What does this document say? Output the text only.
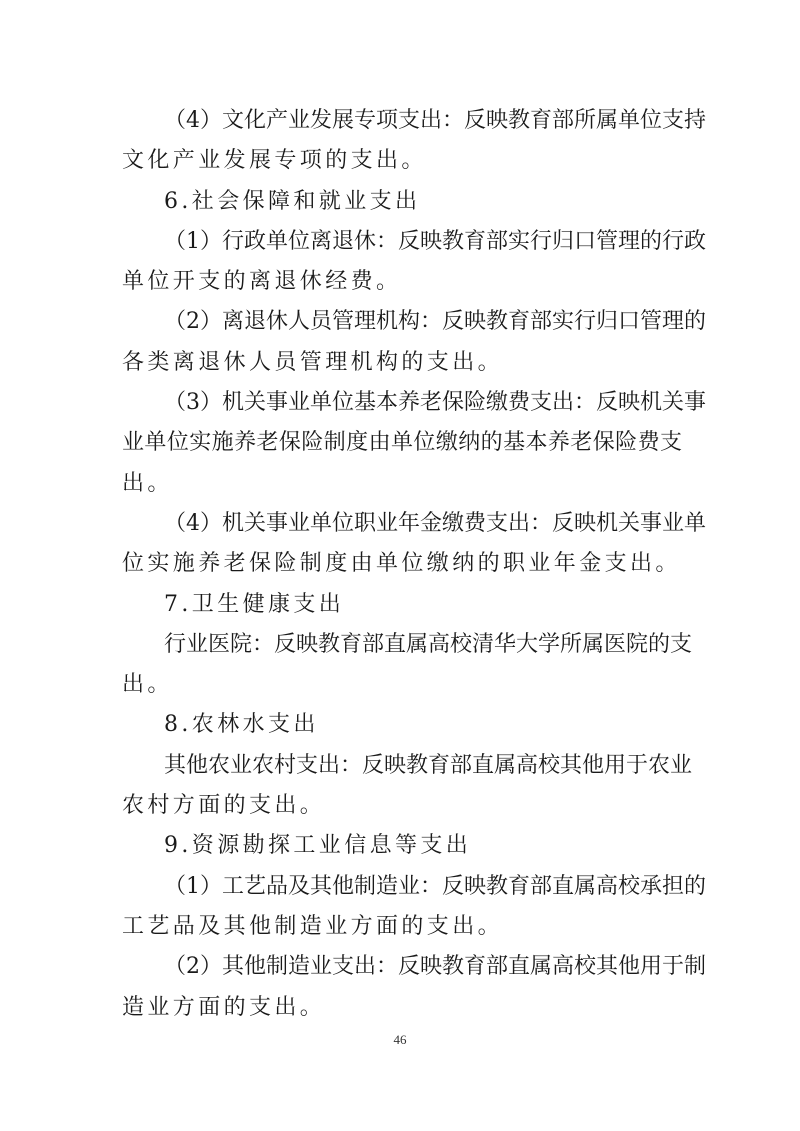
（4）文化产业发展专项支出：反映教育部所属单位支持
文化产业发展专项的支出。
6.社会保障和就业支出
（1）行政单位离退休：反映教育部实行归口管理的行政
单位开支的离退休经费。
（2）离退休人员管理机构：反映教育部实行归口管理的
各类离退休人员管理机构的支出。
（3）机关事业单位基本养老保险缴费支出：反映机关事
业单位实施养老保险制度由单位缴纳的基本养老保险费支
出。
（4）机关事业单位职业年金缴费支出：反映机关事业单
位实施养老保险制度由单位缴纳的职业年金支出。
7.卫生健康支出
行业医院：反映教育部直属高校清华大学所属医院的支
出。
8.农林水支出
其他农业农村支出：反映教育部直属高校其他用于农业
农村方面的支出。
9.资源勘探工业信息等支出
（1）工艺品及其他制造业：反映教育部直属高校承担的
工艺品及其他制造业方面的支出。
（2）其他制造业支出：反映教育部直属高校其他用于制
造业方面的支出。
46
